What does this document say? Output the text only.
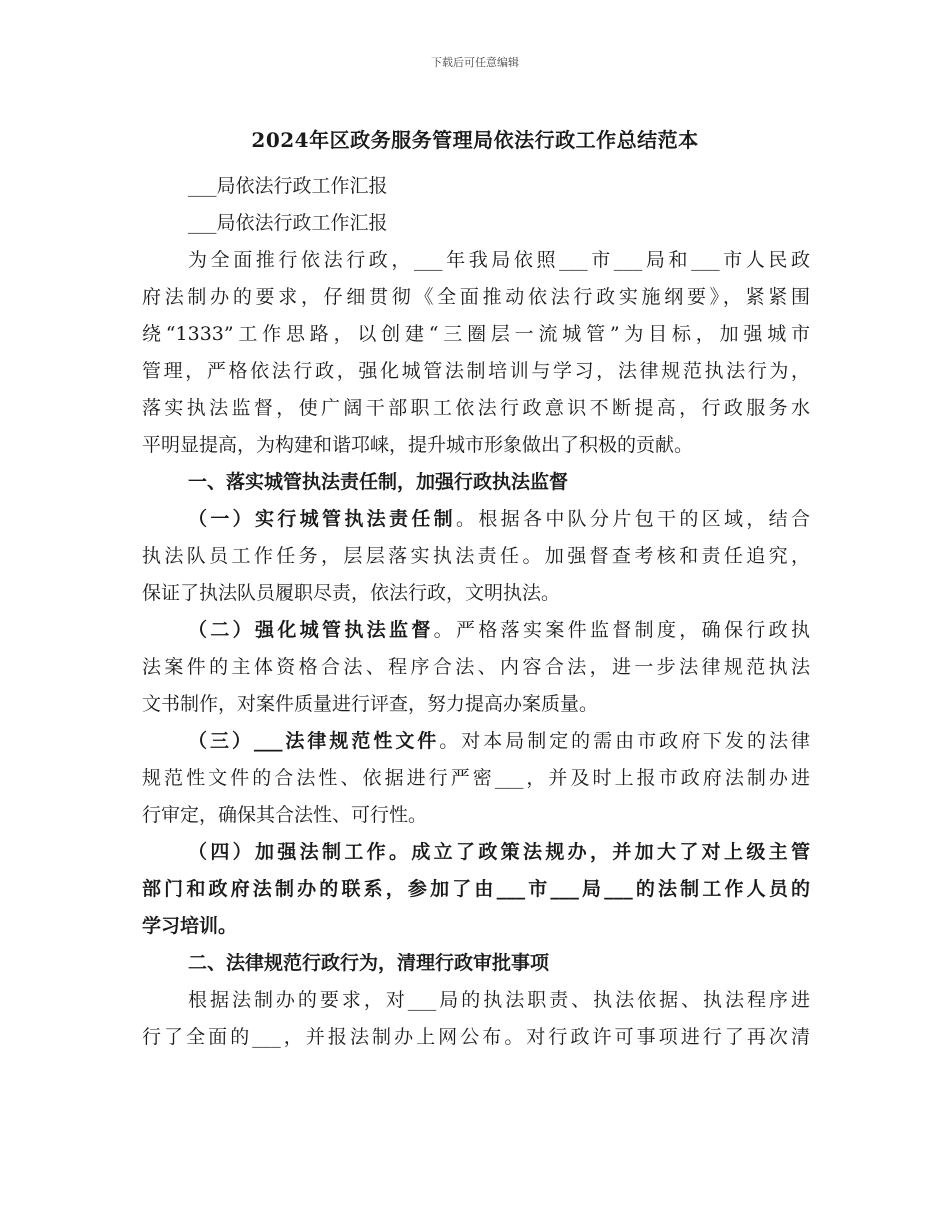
下载后可任意编辑
2024年区政务服务管理局依法行政工作总结范本
___局依法行政工作汇报
___局依法行政工作汇报
为全面推行依法行政，___年我局依照___市___局和___市人民政
府法制办的要求，仔细贯彻《全面推动依法行政实施纲要》，紧紧围
绕“1333”工作思路，以创建“三圈层一流城管”为目标，加强城市
管理，严格依法行政，强化城管法制培训与学习，法律规范执法行为，
落实执法监督，使广阔干部职工依法行政意识不断提高，行政服务水
平明显提高，为构建和谐邛崃，提升城市形象做出了积极的贡献。
一、落实城管执法责任制，加强行政执法监督
（一）实行城管执法责任制。根据各中队分片包干的区域，结合
执法队员工作任务，层层落实执法责任。加强督查考核和责任追究，
保证了执法队员履职尽责，依法行政，文明执法。
（二）强化城管执法监督。严格落实案件监督制度，确保行政执
法案件的主体资格合法、程序合法、内容合法，进一步法律规范执法
文书制作，对案件质量进行评查，努力提高办案质量。
（三）___法律规范性文件。对本局制定的需由市政府下发的法律
规范性文件的合法性、依据进行严密___，并及时上报市政府法制办进
行审定，确保其合法性、可行性。
（四）加强法制工作。成立了政策法规办，并加大了对上级主管
部门和政府法制办的联系，参加了由___市___局___的法制工作人员的
学习培训。
二、法律规范行政行为，清理行政审批事项
根据法制办的要求，对___局的执法职责、执法依据、执法程序进
行了全面的___，并报法制办上网公布。对行政许可事项进行了再次清
